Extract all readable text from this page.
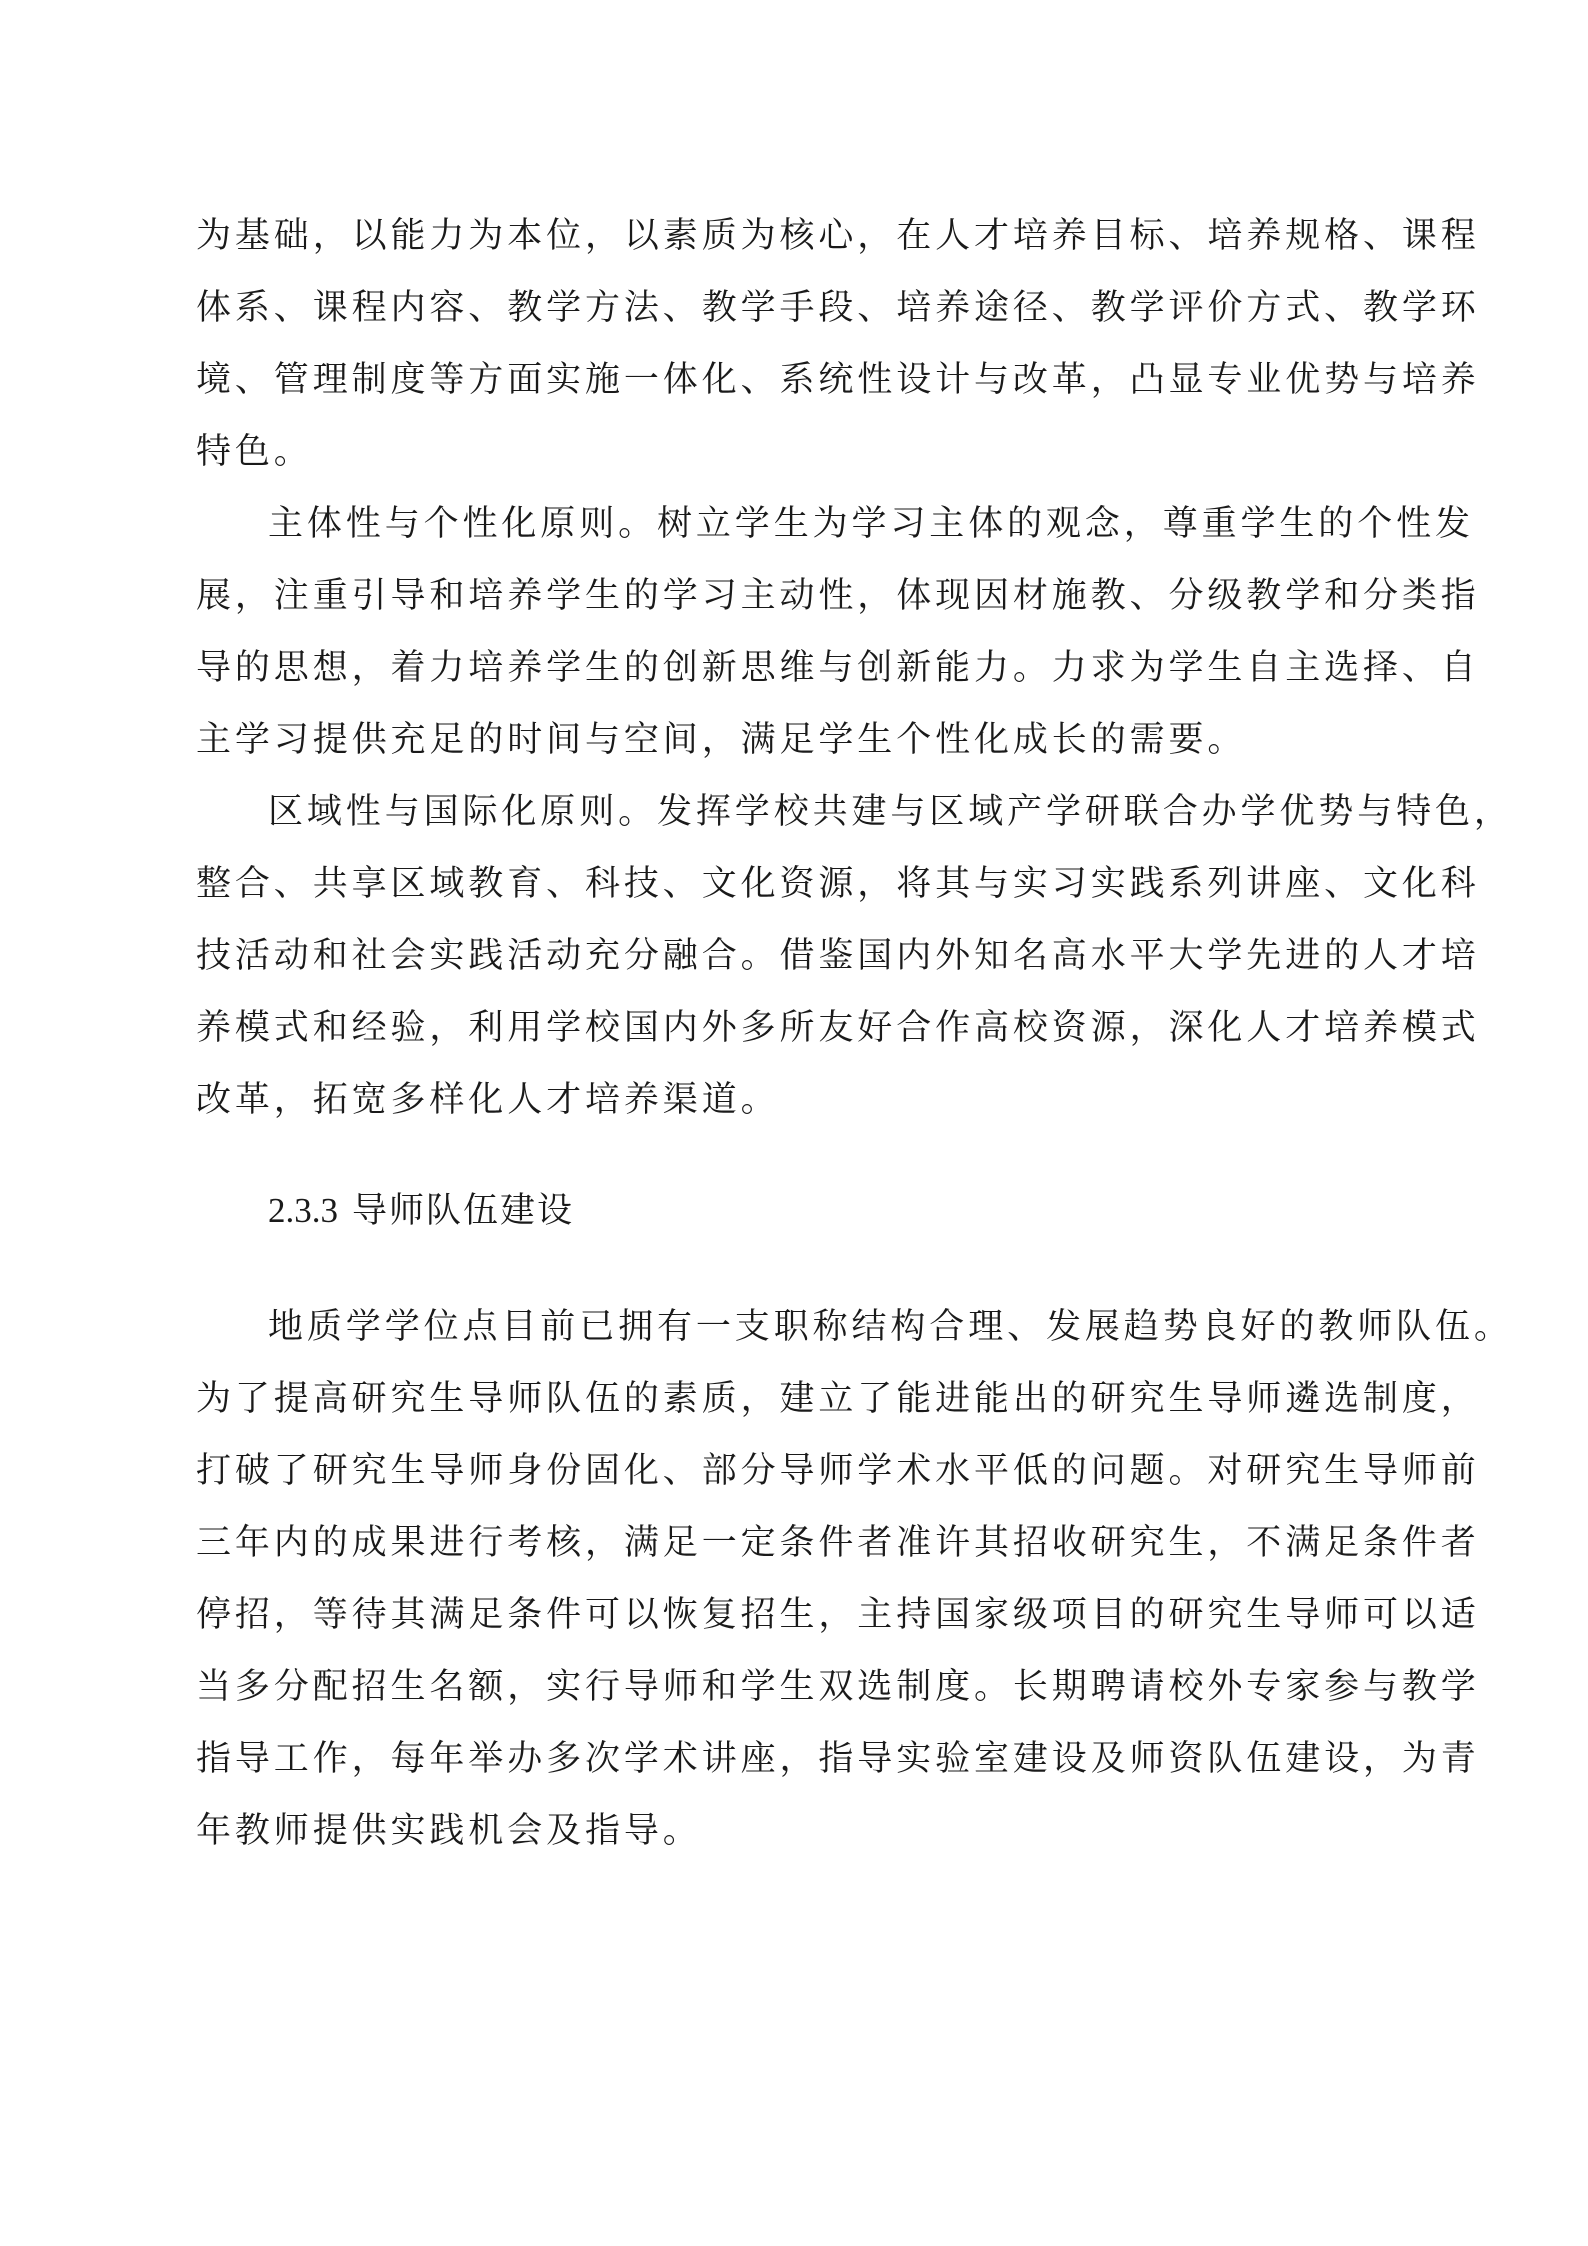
为基础，以能力为本位，以素质为核心，在人才培养目标、培养规格、课程

体系、课程内容、教学方法、教学手段、培养途径、教学评价方式、教学环

境、管理制度等方面实施一体化、系统性设计与改革，凸显专业优势与培养

特色。

主体性与个性化原则。树立学生为学习主体的观念，尊重学生的个性发

展，注重引导和培养学生的学习主动性，体现因材施教、分级教学和分类指

导的思想，着力培养学生的创新思维与创新能力。力求为学生自主选择、自

主学习提供充足的时间与空间，满足学生个性化成长的需要。

区域性与国际化原则。发挥学校共建与区域产学研联合办学优势与特色，

整合、共享区域教育、科技、文化资源，将其与实习实践系列讲座、文化科

技活动和社会实践活动充分融合。借鉴国内外知名高水平大学先进的人才培

养模式和经验，利用学校国内外多所友好合作高校资源，深化人才培养模式

改革，拓宽多样化人才培养渠道。

2.3.3 导师队伍建设

地质学学位点目前已拥有一支职称结构合理、发展趋势良好的教师队伍。

为了提高研究生导师队伍的素质，建立了能进能出的研究生导师遴选制度，

打破了研究生导师身份固化、部分导师学术水平低的问题。对研究生导师前

三年内的成果进行考核，满足一定条件者准许其招收研究生，不满足条件者

停招，等待其满足条件可以恢复招生，主持国家级项目的研究生导师可以适

当多分配招生名额，实行导师和学生双选制度。长期聘请校外专家参与教学

指导工作，每年举办多次学术讲座，指导实验室建设及师资队伍建设，为青

年教师提供实践机会及指导。
